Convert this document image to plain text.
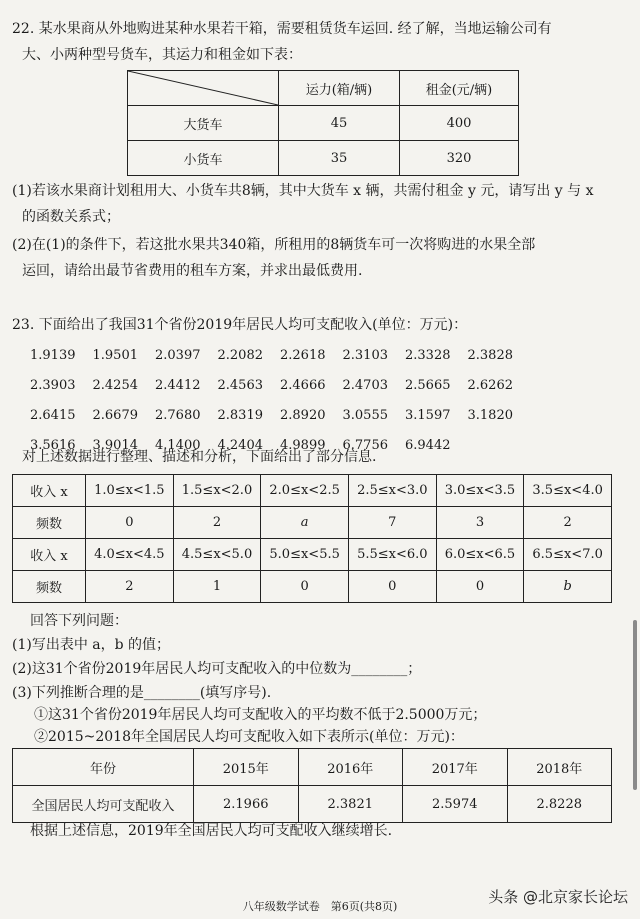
22. 某水果商从外地购进某种水果若干箱，需要租赁货车运回. 经了解，当地运输公司有
大、小两种型号货车，其运力和租金如下表：
	运力(箱/辆)	租金(元/辆)
大货车	45	400
小货车	35	320
(1)若该水果商计划租用大、小货车共8辆，其中大货车 x 辆，共需付租金 y 元，请写出 y 与 x
的函数关系式；
(2)在(1)的条件下，若这批水果共340箱，所租用的8辆货车可一次将购进的水果全部
运回，请给出最节省费用的租车方案，并求出最低费用.
23. 下面给出了我国31个省份2019年居民人均可支配收入(单位：万元)：
1.9139	1.9501	2.0397	2.2082	2.2618	2.3103	2.3328	2.3828
2.3903	2.4254	2.4412	2.4563	2.4666	2.4703	2.5665	2.6262
2.6415	2.6679	2.7680	2.8319	2.8920	3.0555	3.1597	3.1820
3.5616	3.9014	4.1400	4.2404	4.9899	6.7756	6.9442
对上述数据进行整理、描述和分析，下面给出了部分信息.
收入 x	1.0≤x<1.5	1.5≤x<2.0	2.0≤x<2.5	2.5≤x<3.0	3.0≤x<3.5	3.5≤x<4.0
频数	0	2	a	7	3	2
收入 x	4.0≤x<4.5	4.5≤x<5.0	5.0≤x<5.5	5.5≤x<6.0	6.0≤x<6.5	6.5≤x<7.0
频数	2	1	0	0	0	b
回答下列问题：
(1)写出表中 a，b 的值；
(2)这31个省份2019年居民人均可支配收入的中位数为________；
(3)下列推断合理的是________(填写序号).
①这31个省份2019年居民人均可支配收入的平均数不低于2.5000万元；
②2015~2018年全国居民人均可支配收入如下表所示(单位：万元)：
年份	2015年	2016年	2017年	2018年
全国居民人均可支配收入	2.1966	2.3821	2.5974	2.8228
根据上述信息，2019年全国居民人均可支配收入继续增长.
八年级数学试卷　第6页(共8页)
头条 @北京家长论坛
